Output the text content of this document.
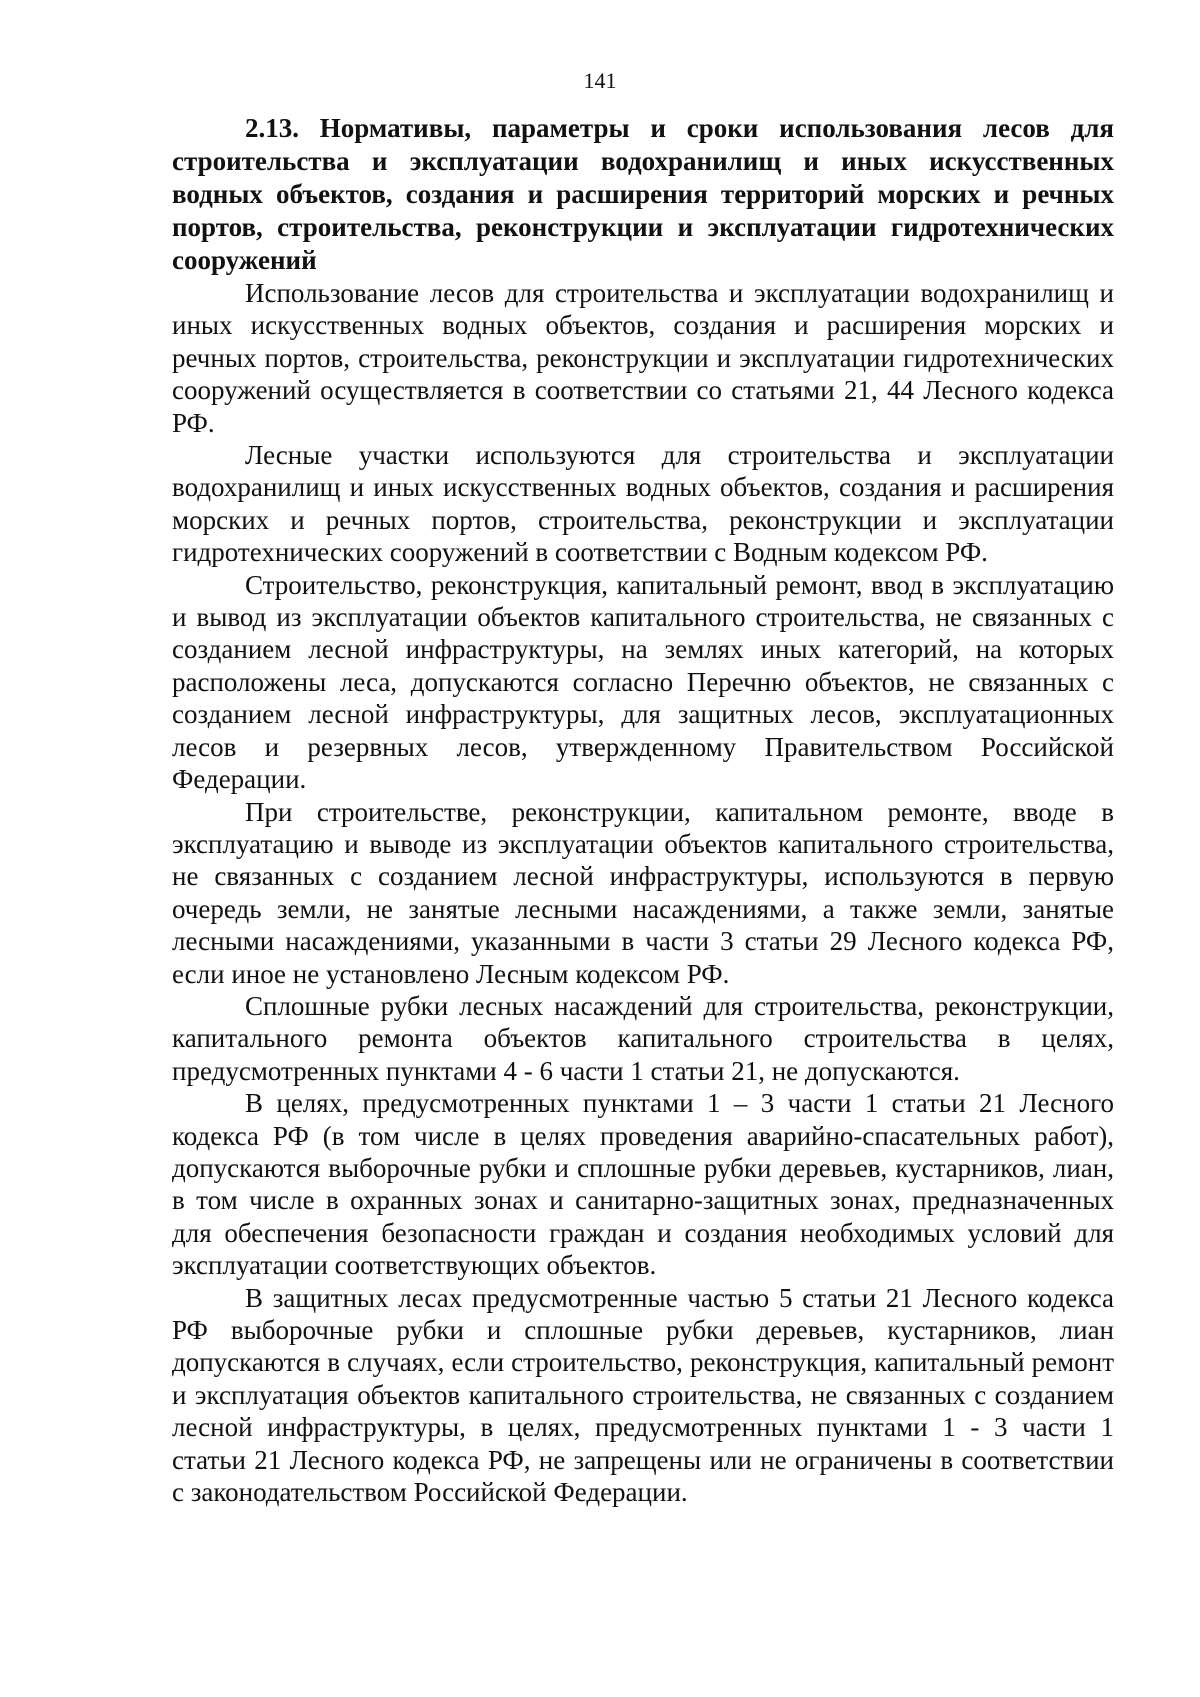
141

2.13. Нормативы, параметры и сроки использования лесов для строительства и эксплуатации водохранилищ и иных искусственных водных объектов, создания и расширения территорий морских и речных портов, строительства, реконструкции и эксплуатации гидротехнических сооружений

Использование лесов для строительства и эксплуатации водохранилищ и иных искусственных водных объектов, создания и расширения морских и речных портов, строительства, реконструкции и эксплуатации гидротехнических сооружений осуществляется в соответствии со статьями 21, 44 Лесного кодекса РФ.

Лесные участки используются для строительства и эксплуатации водохранилищ и иных искусственных водных объектов, создания и расширения морских и речных портов, строительства, реконструкции и эксплуатации гидротехнических сооружений в соответствии с Водным кодексом РФ.

Строительство, реконструкция, капитальный ремонт, ввод в эксплуатацию и вывод из эксплуатации объектов капитального строительства, не связанных с созданием лесной инфраструктуры, на землях иных категорий, на которых расположены леса, допускаются согласно Перечню объектов, не связанных с созданием лесной инфраструктуры, для защитных лесов, эксплуатационных лесов и резервных лесов, утвержденному Правительством Российской Федерации.

При строительстве, реконструкции, капитальном ремонте, вводе в эксплуатацию и выводе из эксплуатации объектов капитального строительства, не связанных с созданием лесной инфраструктуры, используются в первую очередь земли, не занятые лесными насаждениями, а также земли, занятые лесными насаждениями, указанными в части 3 статьи 29 Лесного кодекса РФ, если иное не установлено Лесным кодексом РФ.

Сплошные рубки лесных насаждений для строительства, реконструкции, капитального ремонта объектов капитального строительства в целях, предусмотренных пунктами 4 - 6 части 1 статьи 21, не допускаются.

В целях, предусмотренных пунктами 1 – 3 части 1 статьи 21 Лесного кодекса РФ (в том числе в целях проведения аварийно-спасательных работ), допускаются выборочные рубки и сплошные рубки деревьев, кустарников, лиан, в том числе в охранных зонах и санитарно-защитных зонах, предназначенных для обеспечения безопасности граждан и создания необходимых условий для эксплуатации соответствующих объектов.

В защитных лесах предусмотренные частью 5 статьи 21 Лесного кодекса РФ выборочные рубки и сплошные рубки деревьев, кустарников, лиан допускаются в случаях, если строительство, реконструкция, капитальный ремонт и эксплуатация объектов капитального строительства, не связанных с созданием лесной инфраструктуры, в целях, предусмотренных пунктами 1 - 3 части 1 статьи 21 Лесного кодекса РФ, не запрещены или не ограничены в соответствии с законодательством Российской Федерации.
